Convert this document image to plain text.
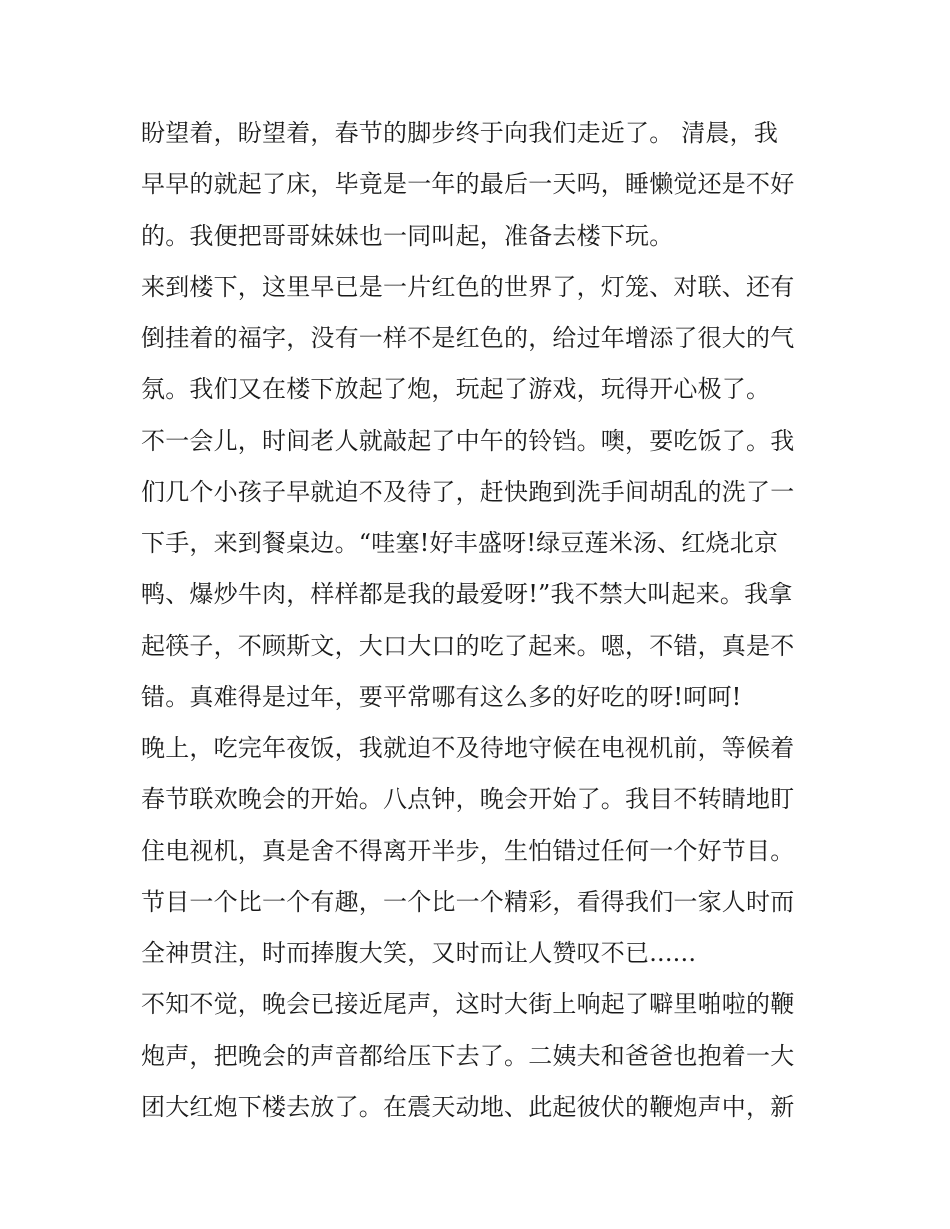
盼望着，盼望着，春节的脚步终于向我们走近了。 清晨，我
早早的就起了床，毕竟是一年的最后一天吗，睡懒觉还是不好
的。我便把哥哥妹妹也一同叫起，准备去楼下玩。
来到楼下，这里早已是一片红色的世界了，灯笼、对联、还有
倒挂着的福字，没有一样不是红色的，给过年增添了很大的气
氛。我们又在楼下放起了炮，玩起了游戏，玩得开心极了。
不一会儿，时间老人就敲起了中午的铃铛。噢，要吃饭了。我
们几个小孩子早就迫不及待了，赶快跑到洗手间胡乱的洗了一
下手，来到餐桌边。“哇塞!好丰盛呀!绿豆莲米汤、红烧北京
鸭、爆炒牛肉，样样都是我的最爱呀!”我不禁大叫起来。我拿
起筷子，不顾斯文，大口大口的吃了起来。嗯，不错，真是不
错。真难得是过年，要平常哪有这么多的好吃的呀!呵呵!
晚上，吃完年夜饭，我就迫不及待地守候在电视机前，等候着
春节联欢晚会的开始。八点钟，晚会开始了。我目不转睛地盯
住电视机，真是舍不得离开半步，生怕错过任何一个好节目。
节目一个比一个有趣，一个比一个精彩，看得我们一家人时而
全神贯注，时而捧腹大笑，又时而让人赞叹不已......
不知不觉，晚会已接近尾声，这时大街上响起了噼里啪啦的鞭
炮声，把晚会的声音都给压下去了。二姨夫和爸爸也抱着一大
团大红炮下楼去放了。在震天动地、此起彼伏的鞭炮声中，新
